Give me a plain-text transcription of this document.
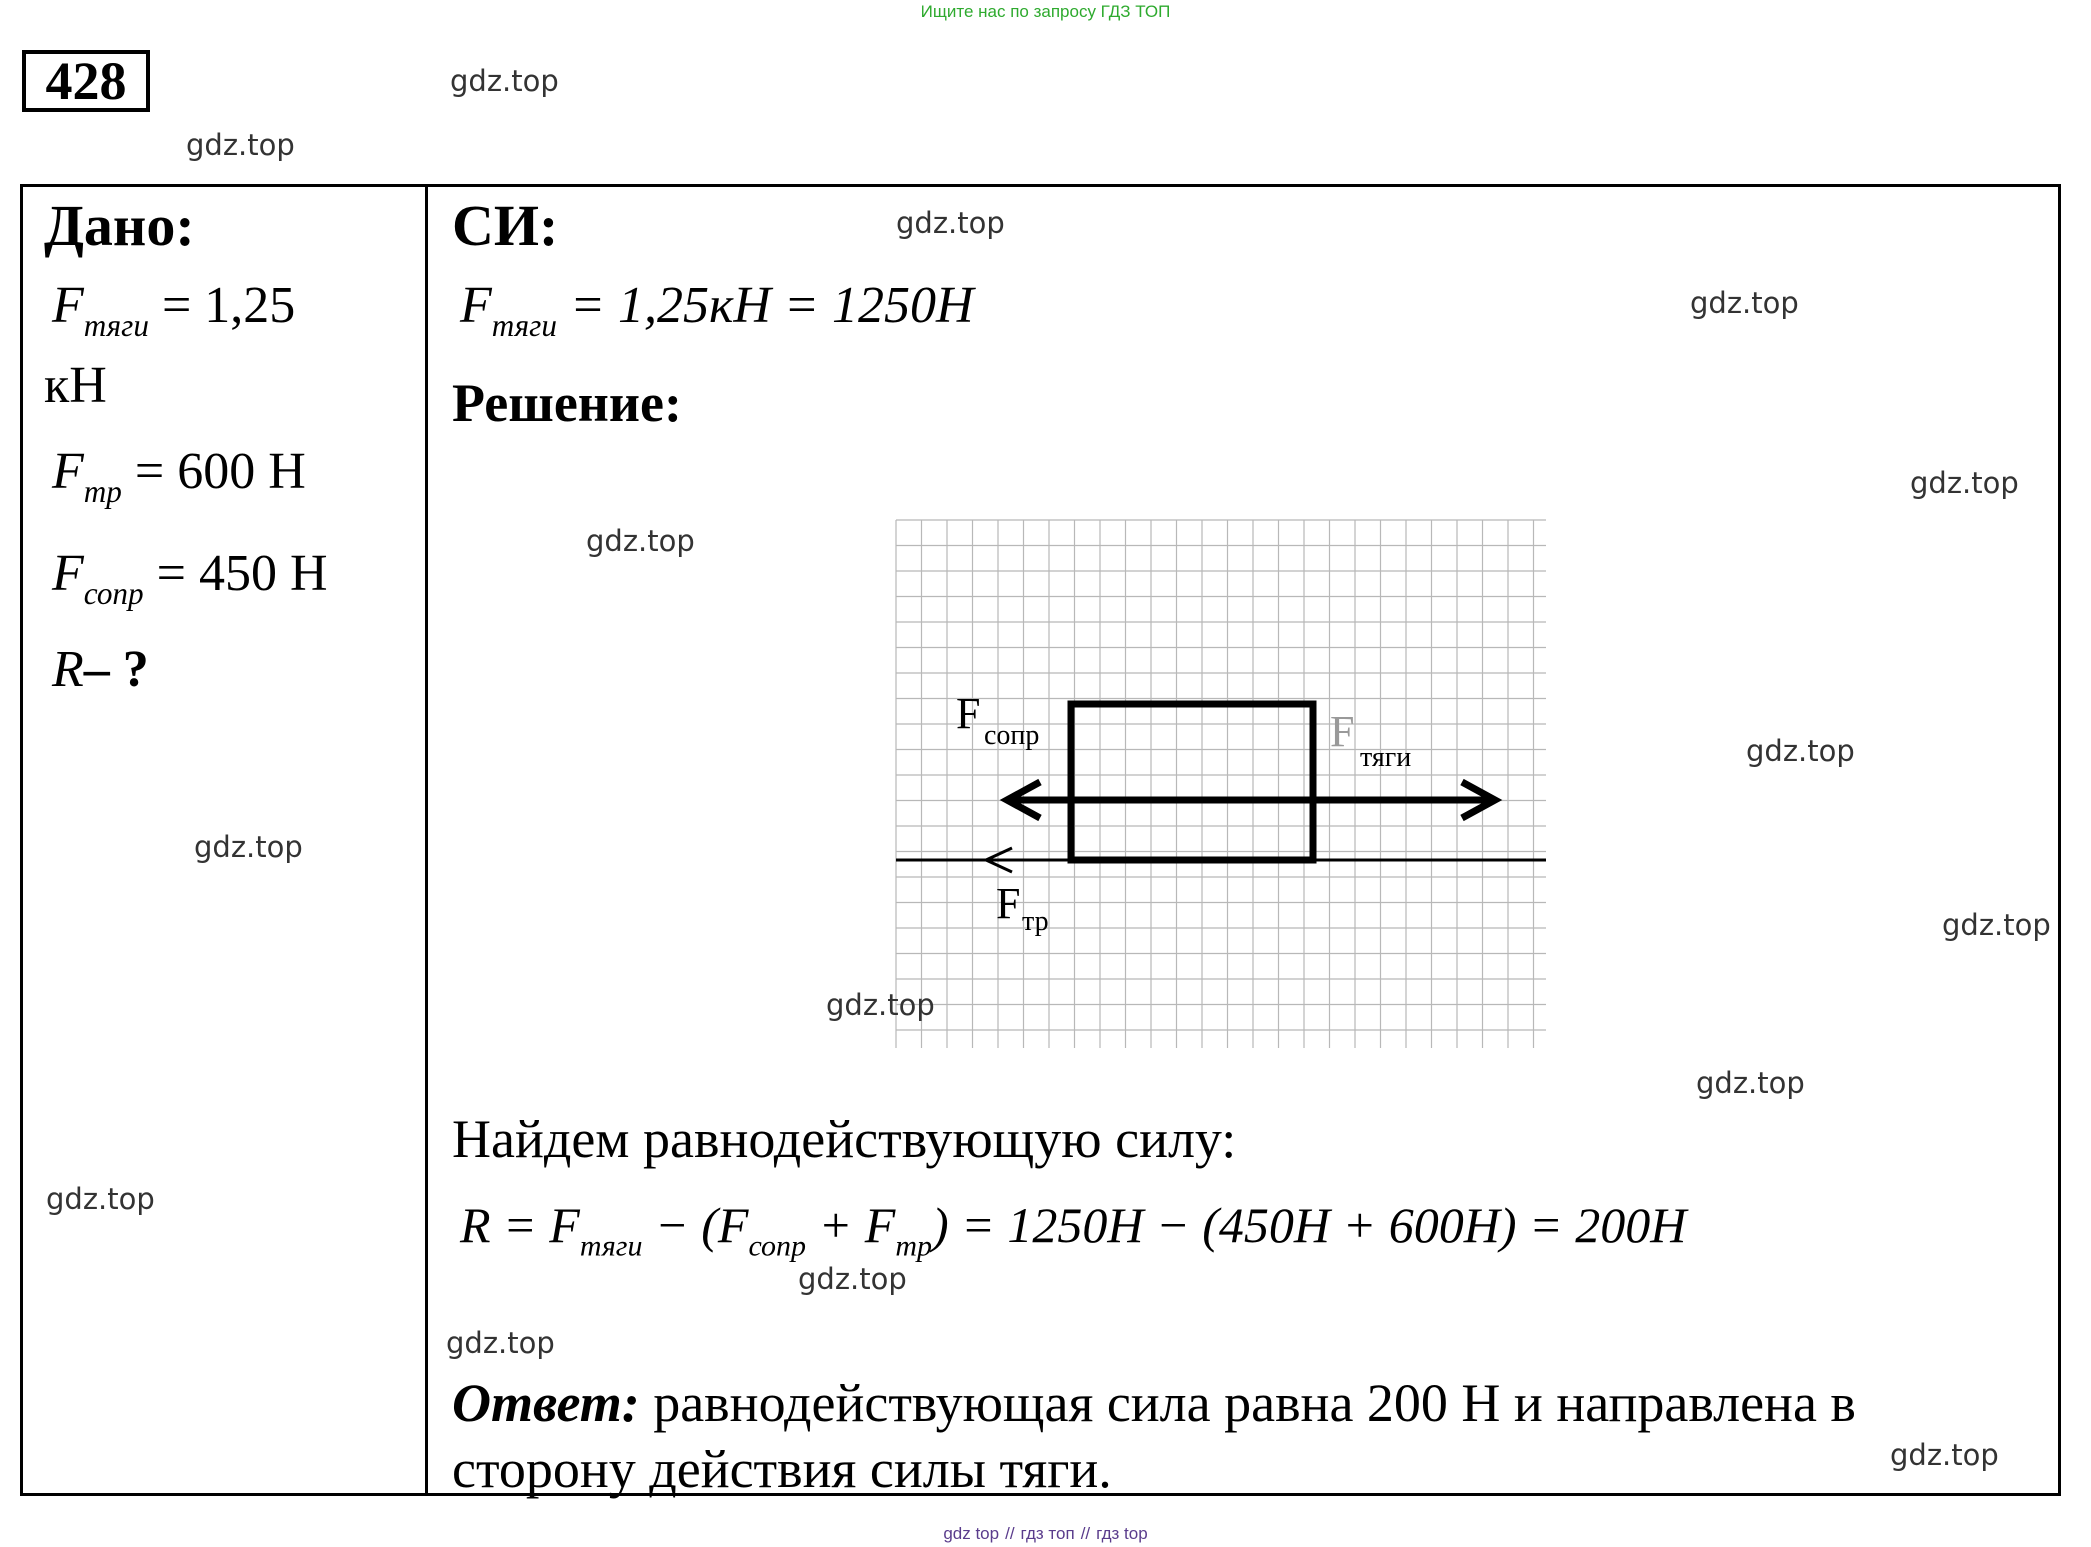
Ищите нас по запросу ГДЗ ТОП
428
Дано:
$F_{тяги} = 1,25$
кН
$F_{тр} = 600$ Н
$F_{сопр} = 450$ Н
R– ?
СИ:
$F_{тяги} = 1,25кН = 1250Н$
Решение:
F сопр	F
тяги
F тр
Найдем равнодействующую силу:
$R = F_{тяги} - (F_{сопр} + F_{тр}) = 1250Н - (450Н + 600Н) = 200Н$
Ответ: равнодействующая сила равна 200 Н и направлена в
сторону действия силы тяги.
gdz.top
gdz.top
gdz.top
gdz.top
gdz.top
gdz.top
gdz.top
gdz.top
gdz.top
gdz.top
gdz.top
gdz.top
gdz.top
gdz.top
gdz.top
gdz top // гдз топ // гдз top
